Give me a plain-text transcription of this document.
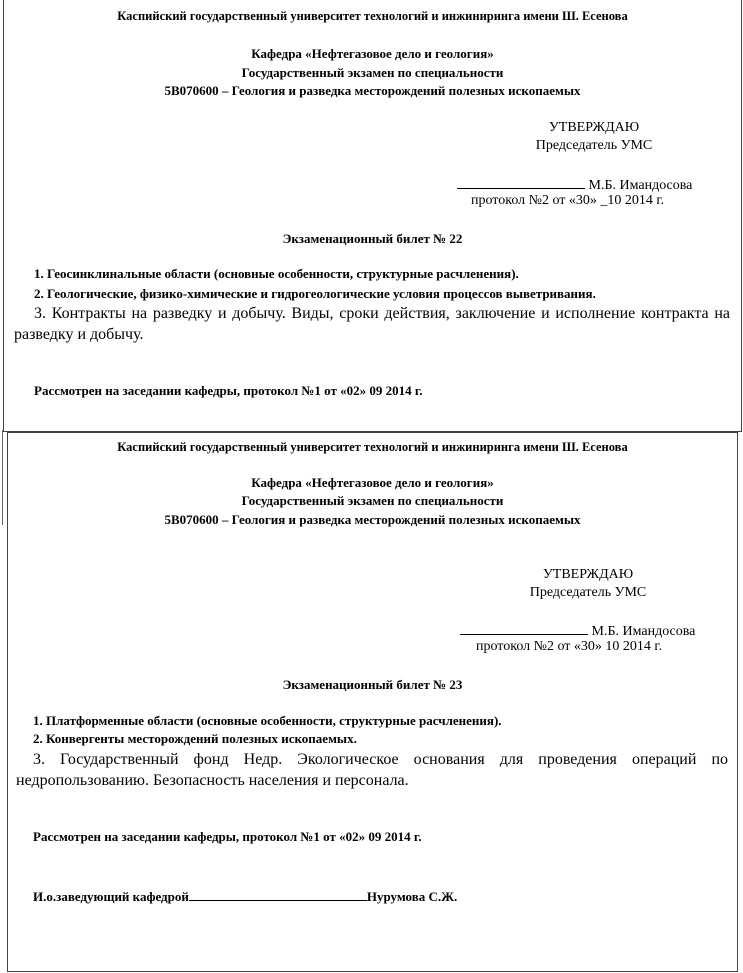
Каспийский государственный университет технологий и инжиниринга имени Ш. Есенова
Кафедра «Нефтегазовое дело и геология»
Государственный экзамен по специальности
5В070600 – Геология и разведка месторождений полезных ископаемых
УТВЕРЖДАЮ
Председатель УМС
М.Б. Имандосова
протокол №2 от «30» _10 2014 г.
Экзаменационный билет № 22
1. Геосинклинальные области (основные особенности, структурные расчленения).
2. Геологические, физико-химические и гидрогеологические условия процессов выветривания.
3. Контракты на разведку и добычу. Виды, сроки действия, заключение и исполнение контракта на разведку и добычу.
Рассмотрен на заседании кафедры, протокол №1 от «02» 09 2014 г.
Каспийский государственный университет технологий и инжиниринга имени Ш. Есенова
Кафедра «Нефтегазовое дело и геология»
Государственный экзамен по специальности
5В070600 – Геология и разведка месторождений полезных ископаемых
УТВЕРЖДАЮ
Председатель УМС
М.Б. Имандосова
протокол №2 от «30» 10 2014 г.
Экзаменационный билет № 23
1. Платформенные области (основные особенности, структурные расчленения).
2. Конвергенты месторождений полезных ископаемых.
3. Государственный фонд Недр. Экологическое основания для проведения операций по недропользованию. Безопасность населения и персонала.
Рассмотрен на заседании кафедры, протокол №1 от «02» 09 2014 г.
И.о.заведующий кафедрой	Нурумова С.Ж.
